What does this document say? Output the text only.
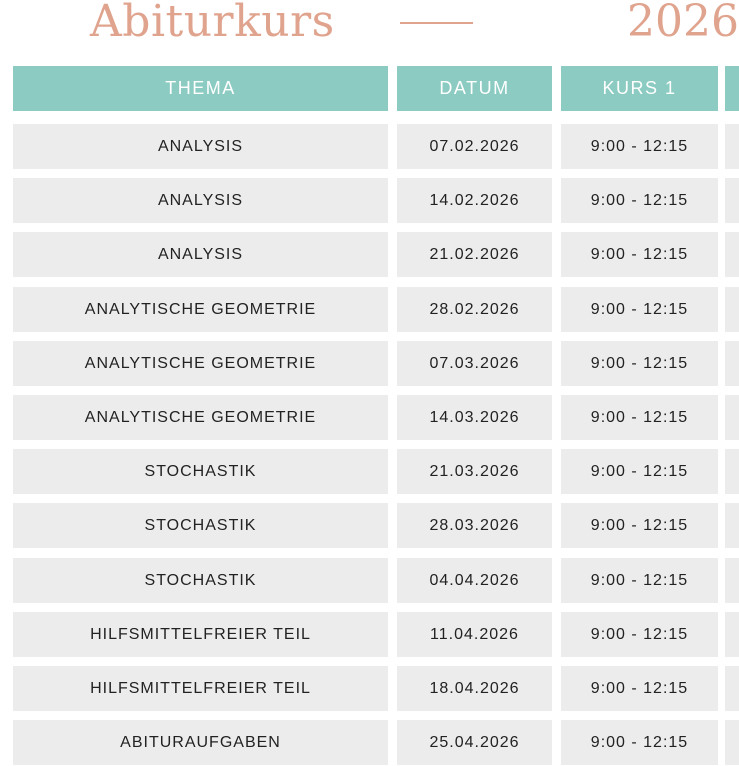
Abiturkurs	2026
THEMA	DATUM	KURS 1
ANALYSIS	07.02.2026	9:00 - 12:15
ANALYSIS	14.02.2026	9:00 - 12:15
ANALYSIS	21.02.2026	9:00 - 12:15
ANALYTISCHE GEOMETRIE	28.02.2026	9:00 - 12:15
ANALYTISCHE GEOMETRIE	07.03.2026	9:00 - 12:15
ANALYTISCHE GEOMETRIE	14.03.2026	9:00 - 12:15
STOCHASTIK	21.03.2026	9:00 - 12:15
STOCHASTIK	28.03.2026	9:00 - 12:15
STOCHASTIK	04.04.2026	9:00 - 12:15
HILFSMITTELFREIER TEIL	11.04.2026	9:00 - 12:15
HILFSMITTELFREIER TEIL	18.04.2026	9:00 - 12:15
ABITURAUFGABEN	25.04.2026	9:00 - 12:15
